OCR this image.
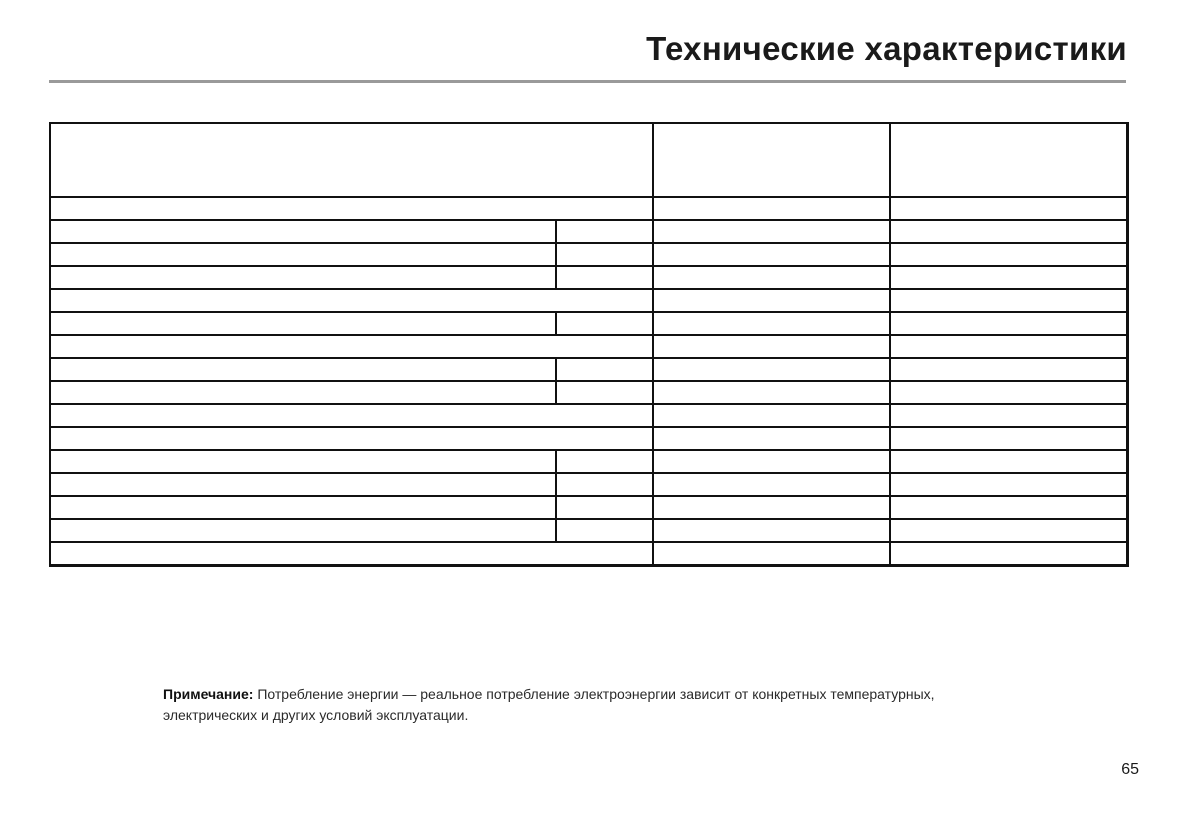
Технические характеристики

Примечание: Потребление энергии — реальное потребление электроэнергии зависит от конкретных температурных, электрических и других условий эксплуатации.
65
